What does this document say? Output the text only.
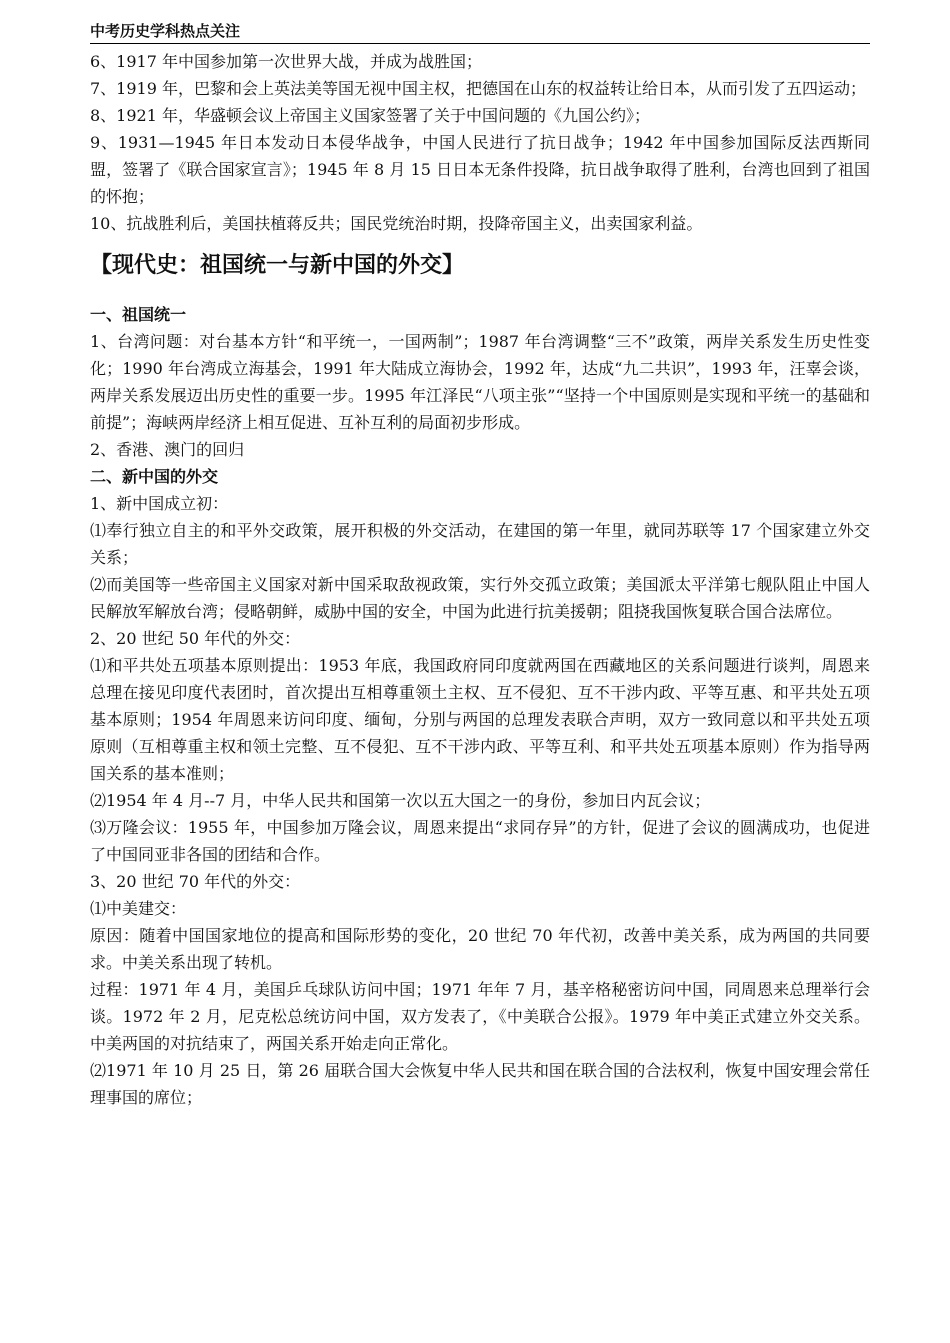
中考历史学科热点关注

6、1917 年中国参加第一次世界大战，并成为战胜国；

7、1919 年，巴黎和会上英法美等国无视中国主权，把德国在山东的权益转让给日本，从而引发了五四运动；

8、1921 年，华盛顿会议上帝国主义国家签署了关于中国问题的《九国公约》；

9、1931—1945 年日本发动日本侵华战争，中国人民进行了抗日战争；1942 年中国参加国际反法西斯同盟，签署了《联合国家宣言》；1945 年 8 月 15 日日本无条件投降，抗日战争取得了胜利，台湾也回到了祖国的怀抱；

10、抗战胜利后，美国扶植蒋反共；国民党统治时期，投降帝国主义，出卖国家利益。

【现代史：祖国统一与新中国的外交】
一、祖国统一

1、台湾问题：对台基本方针“和平统一，一国两制”；1987 年台湾调整“三不”政策，两岸关系发生历史性变化；1990 年台湾成立海基会，1991 年大陆成立海协会，1992 年，达成“九二共识”，1993 年，汪辜会谈，两岸关系发展迈出历史性的重要一步。1995 年江泽民“八项主张”“坚持一个中国原则是实现和平统一的基础和前提”；海峡两岸经济上相互促进、互补互利的局面初步形成。

2、香港、澳门的回归

二、新中国的外交

1、新中国成立初：

⑴奉行独立自主的和平外交政策，展开积极的外交活动，在建国的第一年里，就同苏联等 17 个国家建立外交关系；

⑵而美国等一些帝国主义国家对新中国采取敌视政策，实行外交孤立政策；美国派太平洋第七舰队阻止中国人民解放军解放台湾；侵略朝鲜，威胁中国的安全，中国为此进行抗美援朝；阻挠我国恢复联合国合法席位。

2、20 世纪 50 年代的外交：

⑴和平共处五项基本原则提出：1953 年底，我国政府同印度就两国在西藏地区的关系问题进行谈判，周恩来总理在接见印度代表团时，首次提出互相尊重领土主权、互不侵犯、互不干涉内政、平等互惠、和平共处五项基本原则；1954 年周恩来访问印度、缅甸，分别与两国的总理发表联合声明，双方一致同意以和平共处五项原则（互相尊重主权和领土完整、互不侵犯、互不干涉内政、平等互利、和平共处五项基本原则）作为指导两国关系的基本准则；

⑵1954 年 4 月--7 月，中华人民共和国第一次以五大国之一的身份，参加日内瓦会议；

⑶万隆会议：1955 年，中国参加万隆会议，周恩来提出“求同存异”的方针，促进了会议的圆满成功，也促进了中国同亚非各国的团结和合作。

3、20 世纪 70 年代的外交：

⑴中美建交：

原因：随着中国国家地位的提高和国际形势的变化，20 世纪 70 年代初，改善中美关系，成为两国的共同要求。中美关系出现了转机。

过程：1971 年 4 月，美国乒乓球队访问中国；1971 年年 7 月，基辛格秘密访问中国，同周恩来总理举行会谈。1972 年 2 月，尼克松总统访问中国，双方发表了，《中美联合公报》。1979 年中美正式建立外交关系。中美两国的对抗结束了，两国关系开始走向正常化。

⑵1971 年 10 月 25 日，第 26 届联合国大会恢复中华人民共和国在联合国的合法权利，恢复中国安理会常任理事国的席位；
